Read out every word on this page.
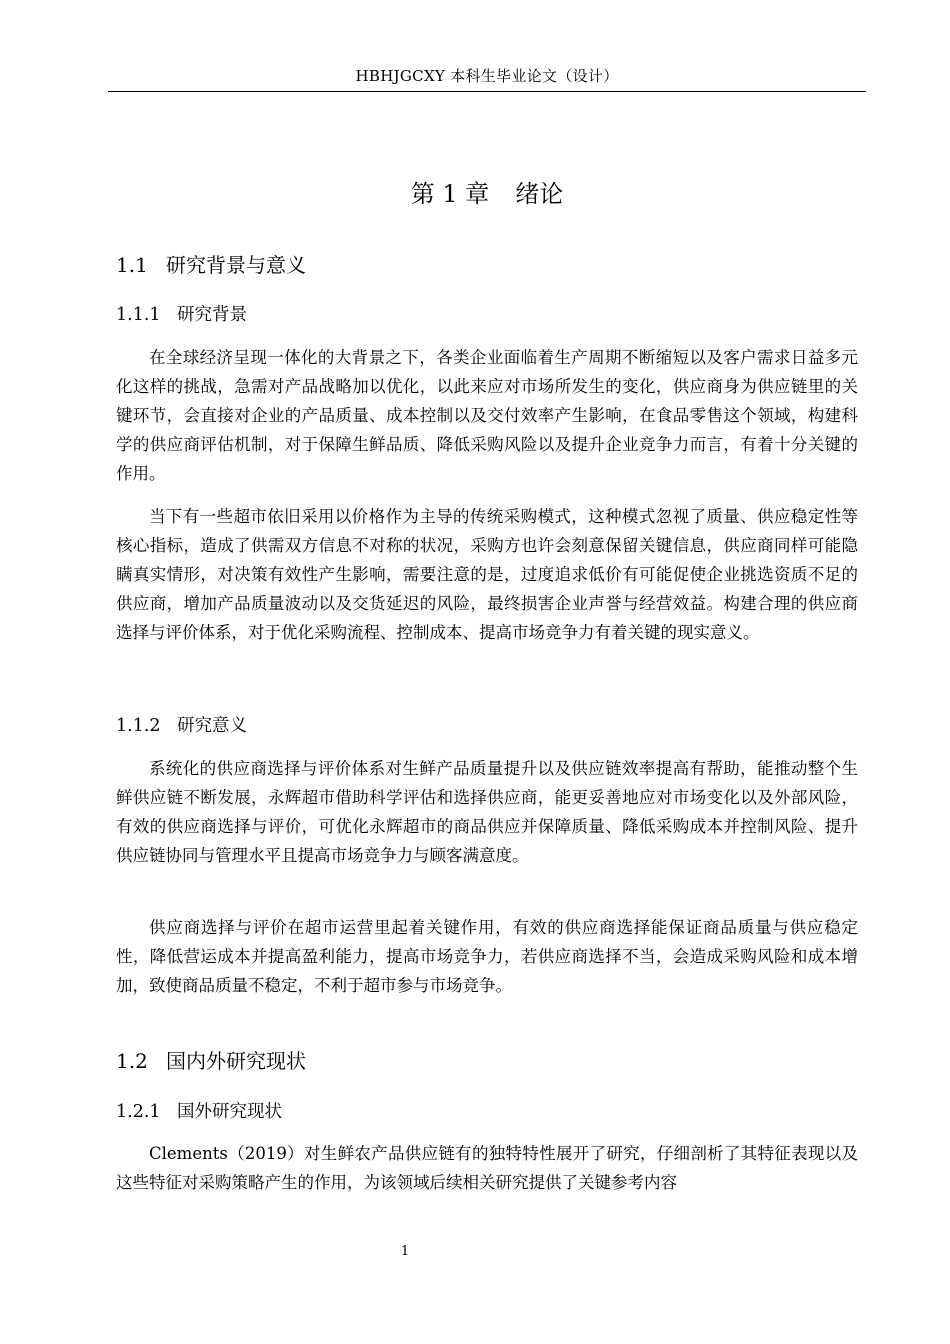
HBHJGCXY 本科生毕业论文（设计）
第 1 章 绪论
1.1 研究背景与意义
1.1.1 研究背景

在全球经济呈现一体化的大背景之下，各类企业面临着生产周期不断缩短以及客户需求日益多元化这样的挑战，急需对产品战略加以优化，以此来应对市场所发生的变化，供应商身为供应链里的关键环节，会直接对企业的产品质量、成本控制以及交付效率产生影响，在食品零售这个领域，构建科学的供应商评估机制，对于保障生鲜品质、降低采购风险以及提升企业竞争力而言，有着十分关键的作用。

当下有一些超市依旧采用以价格作为主导的传统采购模式，这种模式忽视了质量、供应稳定性等核心指标，造成了供需双方信息不对称的状况，采购方也许会刻意保留关键信息，供应商同样可能隐瞒真实情形，对决策有效性产生影响，需要注意的是，过度追求低价有可能促使企业挑选资质不足的供应商，增加产品质量波动以及交货延迟的风险，最终损害企业声誉与经营效益。构建合理的供应商选择与评价体系，对于优化采购流程、控制成本、提高市场竞争力有着关键的现实意义。

1.1.2 研究意义

系统化的供应商选择与评价体系对生鲜产品质量提升以及供应链效率提高有帮助，能推动整个生鲜供应链不断发展，永辉超市借助科学评估和选择供应商，能更妥善地应对市场变化以及外部风险，有效的供应商选择与评价，可优化永辉超市的商品供应并保障质量、降低采购成本并控制风险、提升供应链协同与管理水平且提高市场竞争力与顾客满意度。

供应商选择与评价在超市运营里起着关键作用，有效的供应商选择能保证商品质量与供应稳定性，降低营运成本并提高盈利能力，提高市场竞争力，若供应商选择不当，会造成采购风险和成本增加，致使商品质量不稳定，不利于超市参与市场竞争。

1.2 国内外研究现状
1.2.1 国外研究现状

Clements（2019）对生鲜农产品供应链有的独特特性展开了研究，仔细剖析了其特征表现以及这些特征对采购策略产生的作用，为该领域后续相关研究提供了关键参考内容

1
